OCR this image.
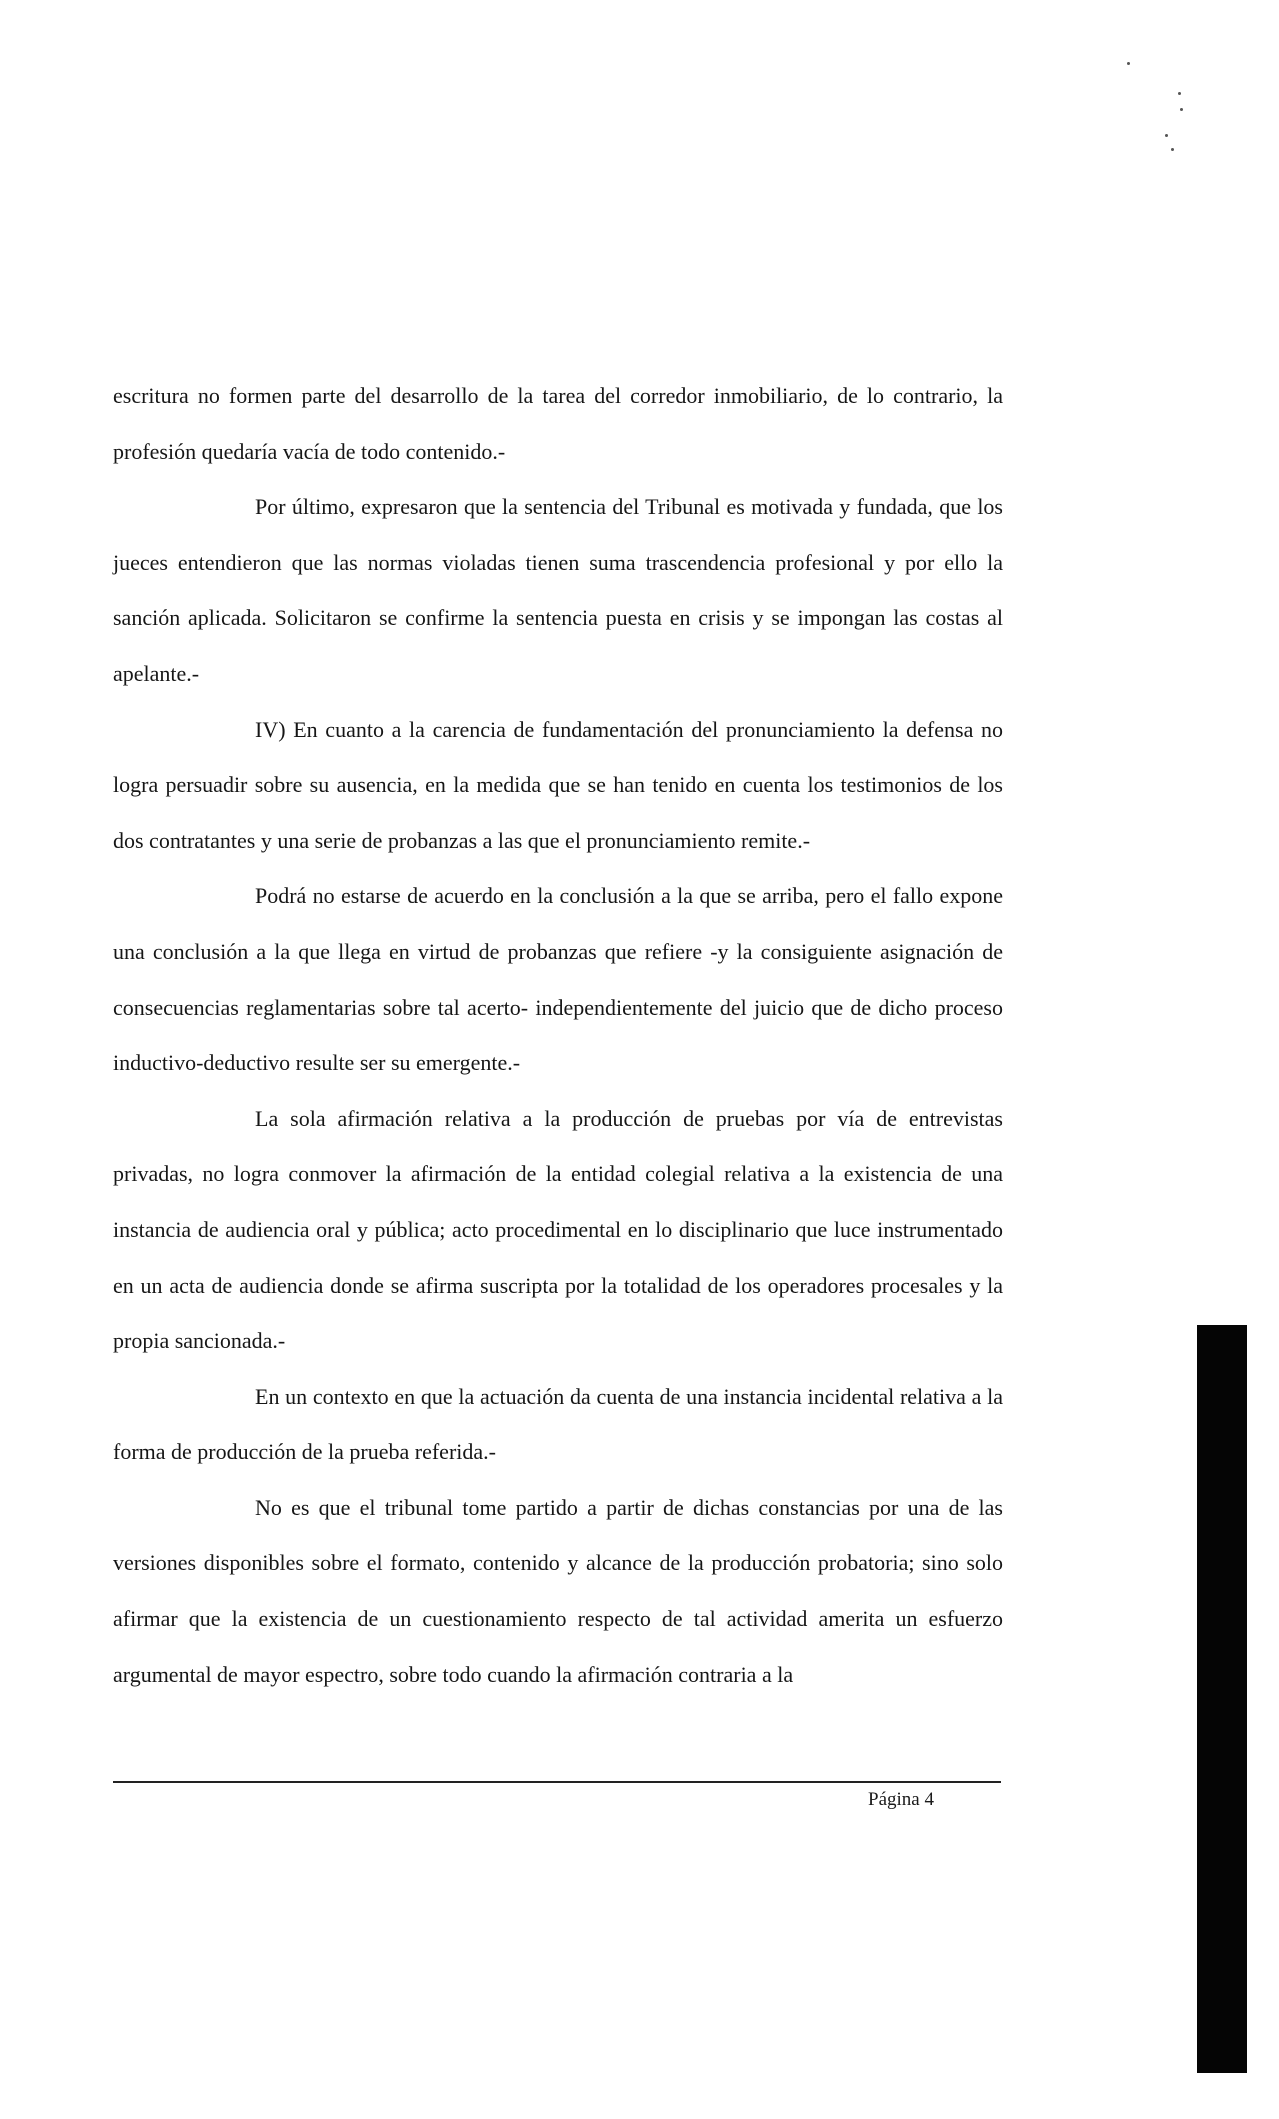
escritura no formen parte del desarrollo de la tarea del corredor inmobiliario, de lo contrario, la profesión quedaría vacía de todo contenido.-

Por último, expresaron que la sentencia del Tribunal es motivada y fundada, que los jueces entendieron que las normas violadas tienen suma trascendencia profesional y por ello la sanción aplicada. Solicitaron se confirme la sentencia puesta en crisis y se impongan las costas al apelante.-

IV) En cuanto a la carencia de fundamentación del pronunciamiento la defensa no logra persuadir sobre su ausencia, en la medida que se han tenido en cuenta los testimonios de los dos contratantes y una serie de probanzas a las que el pronunciamiento remite.-

Podrá no estarse de acuerdo en la conclusión a la que se arriba, pero el fallo expone una conclusión a la que llega en virtud de probanzas que refiere -y la consiguiente asignación de consecuencias reglamentarias sobre tal acerto- independientemente del juicio que de dicho proceso inductivo-deductivo resulte ser su emergente.-

La sola afirmación relativa a la producción de pruebas por vía de entrevistas privadas, no logra conmover la afirmación de la entidad colegial relativa a la existencia de una instancia de audiencia oral y pública; acto procedimental en lo disciplinario que luce instrumentado en un acta de audiencia donde se afirma suscripta por la totalidad de los operadores procesales y la propia sancionada.-

En un contexto en que la actuación da cuenta de una instancia incidental relativa a la forma de producción de la prueba referida.-

No es que el tribunal tome partido a partir de dichas constancias por una de las versiones disponibles sobre el formato, contenido y alcance de la producción probatoria; sino solo afirmar que la existencia de un cuestionamiento respecto de tal actividad amerita un esfuerzo argumental de mayor espectro, sobre todo cuando la afirmación contraria a la

Página 4
